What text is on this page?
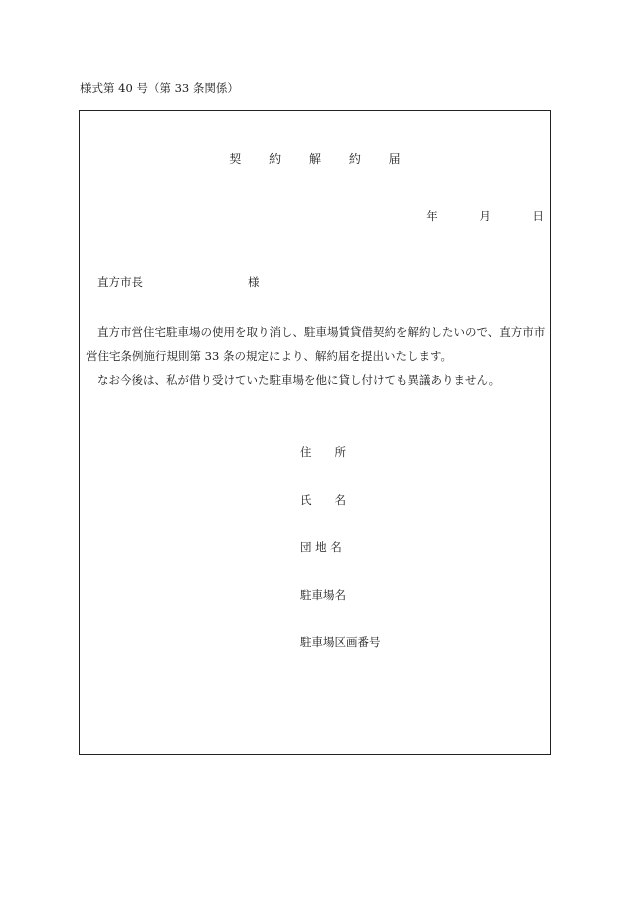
様式第 40 号（第 33 条関係）
契 約 解 約 届
年	月	日
直方市長	様

直方市営住宅駐車場の使用を取り消し、駐車場賃貸借契約を解約したいので、直方市市営住宅条例施行規則第 33 条の規定により、解約届を提出いたします。

なお今後は、私が借り受けていた駐車場を他に貸し付けても異議ありません。

住　　所
氏　　名
団 地 名
駐車場名
駐車場区画番号
